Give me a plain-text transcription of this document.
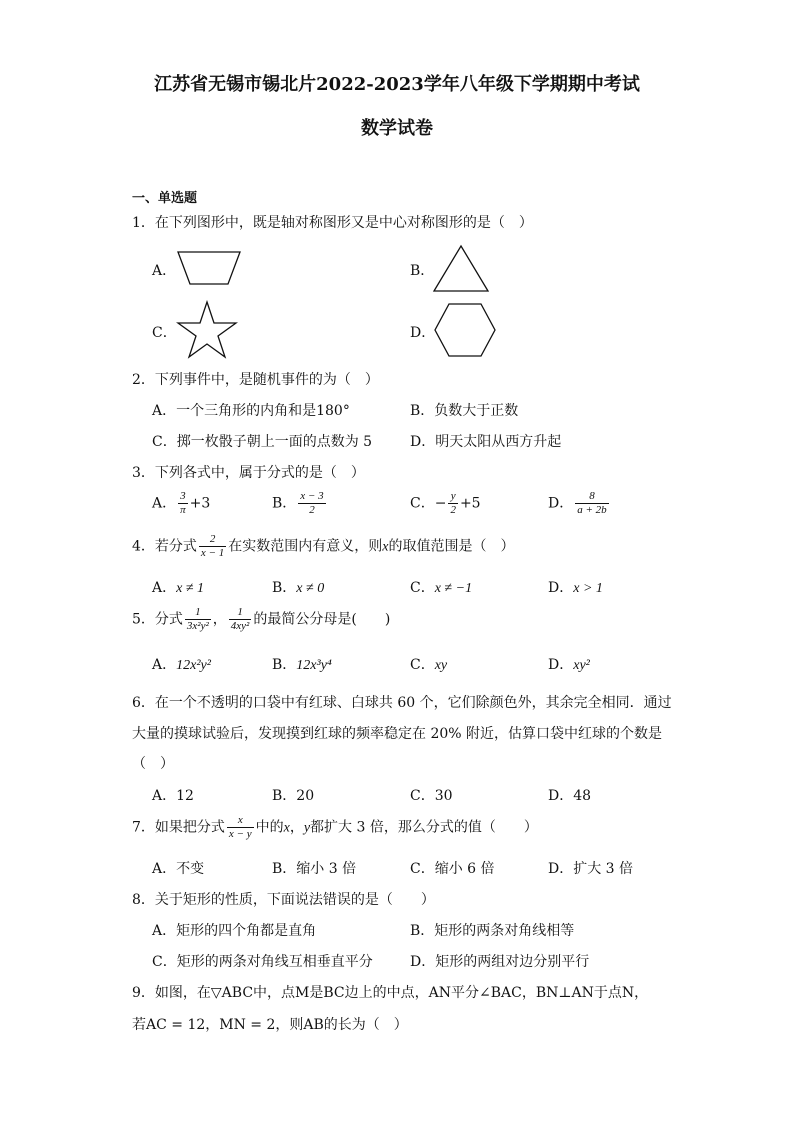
江苏省无锡市锡北片2022-2023学年八年级下学期期中考试
数学试卷
一、单选题
1．在下列图形中，既是轴对称图形又是中心对称图形的是（　）
A．	B．
C．	D．
2．下列事件中，是随机事件的为（　）
A．一个三角形的内角和是180°	B．负数大于正数
C．掷一枚骰子朝上一面的点数为 5	D．明天太阳从西方升起
3．下列各式中，属于分式的是（　）
A． $\frac{3}{\pi} +3$	B． $\frac{x - 3}{2}$	C．− $\frac{y}{2} +5$	D． $\frac{8}{a + 2b}$
4．若分式 $\frac{2}{x - 1}$ 在实数范围内有意义，则x的取值范围是（　）
A．x ≠ 1	B．x ≠ 0	C．x ≠ −1	D．x > 1
5．分式 $\frac{1}{\text{3x²y²}}$ ， $\frac{1}{\text{4xy²}}$ 的最简公分母是(　　)
A．12x²y²	B．12x³y⁴	C．xy	D．xy²
6．在一个不透明的口袋中有红球、白球共 60 个，它们除颜色外，其余完全相同．通过
大量的摸球试验后，发现摸到红球的频率稳定在 20% 附近，估算口袋中红球的个数是
（　）
A．12	B．20	C．30	D．48
7．如果把分式 $\frac{x}{x - y}$ 中的x，y都扩大 3 倍，那么分式的值（　　）
A．不变	B．缩小 3 倍	C．缩小 6 倍	D．扩大 3 倍
8．关于矩形的性质，下面说法错误的是（　　）
A．矩形的四个角都是直角	B．矩形的两条对角线相等
C．矩形的两条对角线互相垂直平分	D．矩形的两组对边分别平行
9．如图，在▽ABC中，点M是BC边上的中点，AN平分∠BAC，BN⊥AN于点N，
若AC = 12，MN = 2，则AB的长为（　）
